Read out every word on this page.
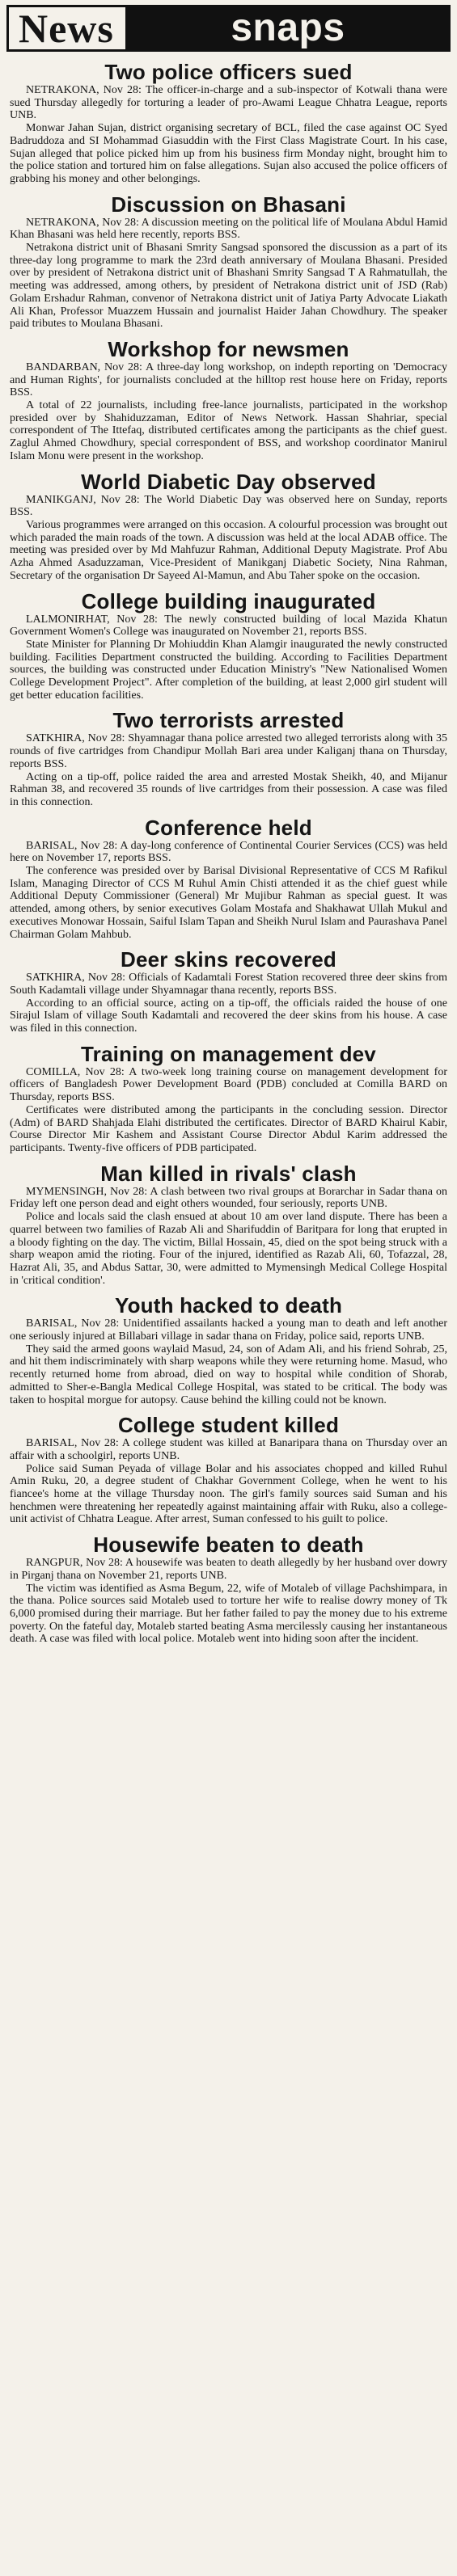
News	snaps
Two police officers sued

NETRAKONA, Nov 28: The officer-in-charge and a sub-inspector of Kotwali thana were sued Thursday allegedly for torturing a leader of pro-Awami League Chhatra League, reports UNB.

Monwar Jahan Sujan, district organising secretary of BCL, filed the case against OC Syed Badruddoza and SI Mohammad Giasuddin with the First Class Magistrate Court. In his case, Sujan alleged that police picked him up from his business firm Monday night, brought him to the police station and tortured him on false allegations. Sujan also accused the police officers of grabbing his money and other belongings.

Discussion on Bhasani

NETRAKONA, Nov 28: A discussion meeting on the political life of Moulana Abdul Hamid Khan Bhasani was held here recently, reports BSS.

Netrakona district unit of Bhasani Smrity Sangsad sponsored the discussion as a part of its three-day long programme to mark the 23rd death anniversary of Moulana Bhasani. Presided over by president of Netrakona district unit of Bhashani Smrity Sangsad T A Rahmatullah, the meeting was addressed, among others, by president of Netrakona district unit of JSD (Rab) Golam Ershadur Rahman, convenor of Netrakona district unit of Jatiya Party Advocate Liakath Ali Khan, Professor Muazzem Hussain and journalist Haider Jahan Chowdhury. The speaker paid tributes to Moulana Bhasani.

Workshop for newsmen

BANDARBAN, Nov 28: A three-day long workshop, on indepth reporting on 'Democracy and Human Rights', for journalists concluded at the hilltop rest house here on Friday, reports BSS.

A total of 22 journalists, including free-lance journalists, participated in the workshop presided over by Shahiduzzaman, Editor of News Network. Hassan Shahriar, special correspondent of The Ittefaq, distributed certificates among the participants as the chief guest. Zaglul Ahmed Chowdhury, special correspondent of BSS, and workshop coordinator Manirul Islam Monu were present in the workshop.

World Diabetic Day observed

MANIKGANJ, Nov 28: The World Diabetic Day was observed here on Sunday, reports BSS.

Various programmes were arranged on this occasion. A colourful procession was brought out which paraded the main roads of the town. A discussion was held at the local ADAB office. The meeting was presided over by Md Mahfuzur Rahman, Additional Deputy Magistrate. Prof Abu Azha Ahmed Asaduzzaman, Vice-President of Manikganj Diabetic Society, Nina Rahman, Secretary of the organisation Dr Sayeed Al-Mamun, and Abu Taher spoke on the occasion.

College building inaugurated

LALMONIRHAT, Nov 28: The newly constructed building of local Mazida Khatun Government Women's College was inaugurated on November 21, reports BSS.

State Minister for Planning Dr Mohiuddin Khan Alamgir inaugurated the newly constructed building. Facilities Department constructed the building. According to Facilities Department sources, the building was constructed under Education Ministry's "New Nationalised Women College Development Project". After completion of the building, at least 2,000 girl student will get better education facilities.

Two terrorists arrested

SATKHIRA, Nov 28: Shyamnagar thana police arrested two alleged terrorists along with 35 rounds of five cartridges from Chandipur Mollah Bari area under Kaliganj thana on Thursday, reports BSS.

Acting on a tip-off, police raided the area and arrested Mostak Sheikh, 40, and Mijanur Rahman 38, and recovered 35 rounds of live cartridges from their possession. A case was filed in this connection.

Conference held

BARISAL, Nov 28: A day-long conference of Continental Courier Services (CCS) was held here on November 17, reports BSS.

The conference was presided over by Barisal Divisional Representative of CCS M Rafikul Islam, Managing Director of CCS M Ruhul Amin Chisti attended it as the chief guest while Additional Deputy Commissioner (General) Mr Mujibur Rahman as special guest. It was attended, among others, by senior executives Golam Mostafa and Shakhawat Ullah Mukul and executives Monowar Hossain, Saiful Islam Tapan and Sheikh Nurul Islam and Paurashava Panel Chairman Golam Mahbub.

Deer skins recovered

SATKHIRA, Nov 28: Officials of Kadamtali Forest Station recovered three deer skins from South Kadamtali village under Shyamnagar thana recently, reports BSS.

According to an official source, acting on a tip-off, the officials raided the house of one Sirajul Islam of village South Kadamtali and recovered the deer skins from his house. A case was filed in this connection.

Training on management dev

COMILLA, Nov 28: A two-week long training course on management development for officers of Bangladesh Power Development Board (PDB) concluded at Comilla BARD on Thursday, reports BSS.

Certificates were distributed among the participants in the concluding session. Director (Adm) of BARD Shahjada Elahi distributed the certificates. Director of BARD Khairul Kabir, Course Director Mir Kashem and Assistant Course Director Abdul Karim addressed the participants. Twenty-five officers of PDB participated.

Man killed in rivals' clash

MYMENSINGH, Nov 28: A clash between two rival groups at Borarchar in Sadar thana on Friday left one person dead and eight others wounded, four seriously, reports UNB.

Police and locals said the clash ensued at about 10 am over land dispute. There has been a quarrel between two families of Razab Ali and Sharifuddin of Baritpara for long that erupted in a bloody fighting on the day. The victim, Billal Hossain, 45, died on the spot being struck with a sharp weapon amid the rioting. Four of the injured, identified as Razab Ali, 60, Tofazzal, 28, Hazrat Ali, 35, and Abdus Sattar, 30, were admitted to Mymensingh Medical College Hospital in 'critical condition'.

Youth hacked to death

BARISAL, Nov 28: Unidentified assailants hacked a young man to death and left another one seriously injured at Billabari village in sadar thana on Friday, police said, reports UNB.

They said the armed goons waylaid Masud, 24, son of Adam Ali, and his friend Sohrab, 25, and hit them indiscriminately with sharp weapons while they were returning home. Masud, who recently returned home from abroad, died on way to hospital while condition of Shorab, admitted to Sher-e-Bangla Medical College Hospital, was stated to be critical. The body was taken to hospital morgue for autopsy. Cause behind the killing could not be known.

College student killed

BARISAL, Nov 28: A college student was killed at Banaripara thana on Thursday over an affair with a schoolgirl, reports UNB.

Police said Suman Peyada of village Bolar and his associates chopped and killed Ruhul Amin Ruku, 20, a degree student of Chakhar Government College, when he went to his fiancee's home at the village Thursday noon. The girl's family sources said Suman and his henchmen were threatening her repeatedly against maintaining affair with Ruku, also a college-unit activist of Chhatra League. After arrest, Suman confessed to his guilt to police.

Housewife beaten to death

RANGPUR, Nov 28: A housewife was beaten to death allegedly by her husband over dowry in Pirganj thana on November 21, reports UNB.

The victim was identified as Asma Begum, 22, wife of Motaleb of village Pachshimpara, in the thana. Police sources said Motaleb used to torture her wife to realise dowry money of Tk 6,000 promised during their marriage. But her father failed to pay the money due to his extreme poverty. On the fateful day, Motaleb started beating Asma mercilessly causing her instantaneous death. A case was filed with local police. Motaleb went into hiding soon after the incident.
